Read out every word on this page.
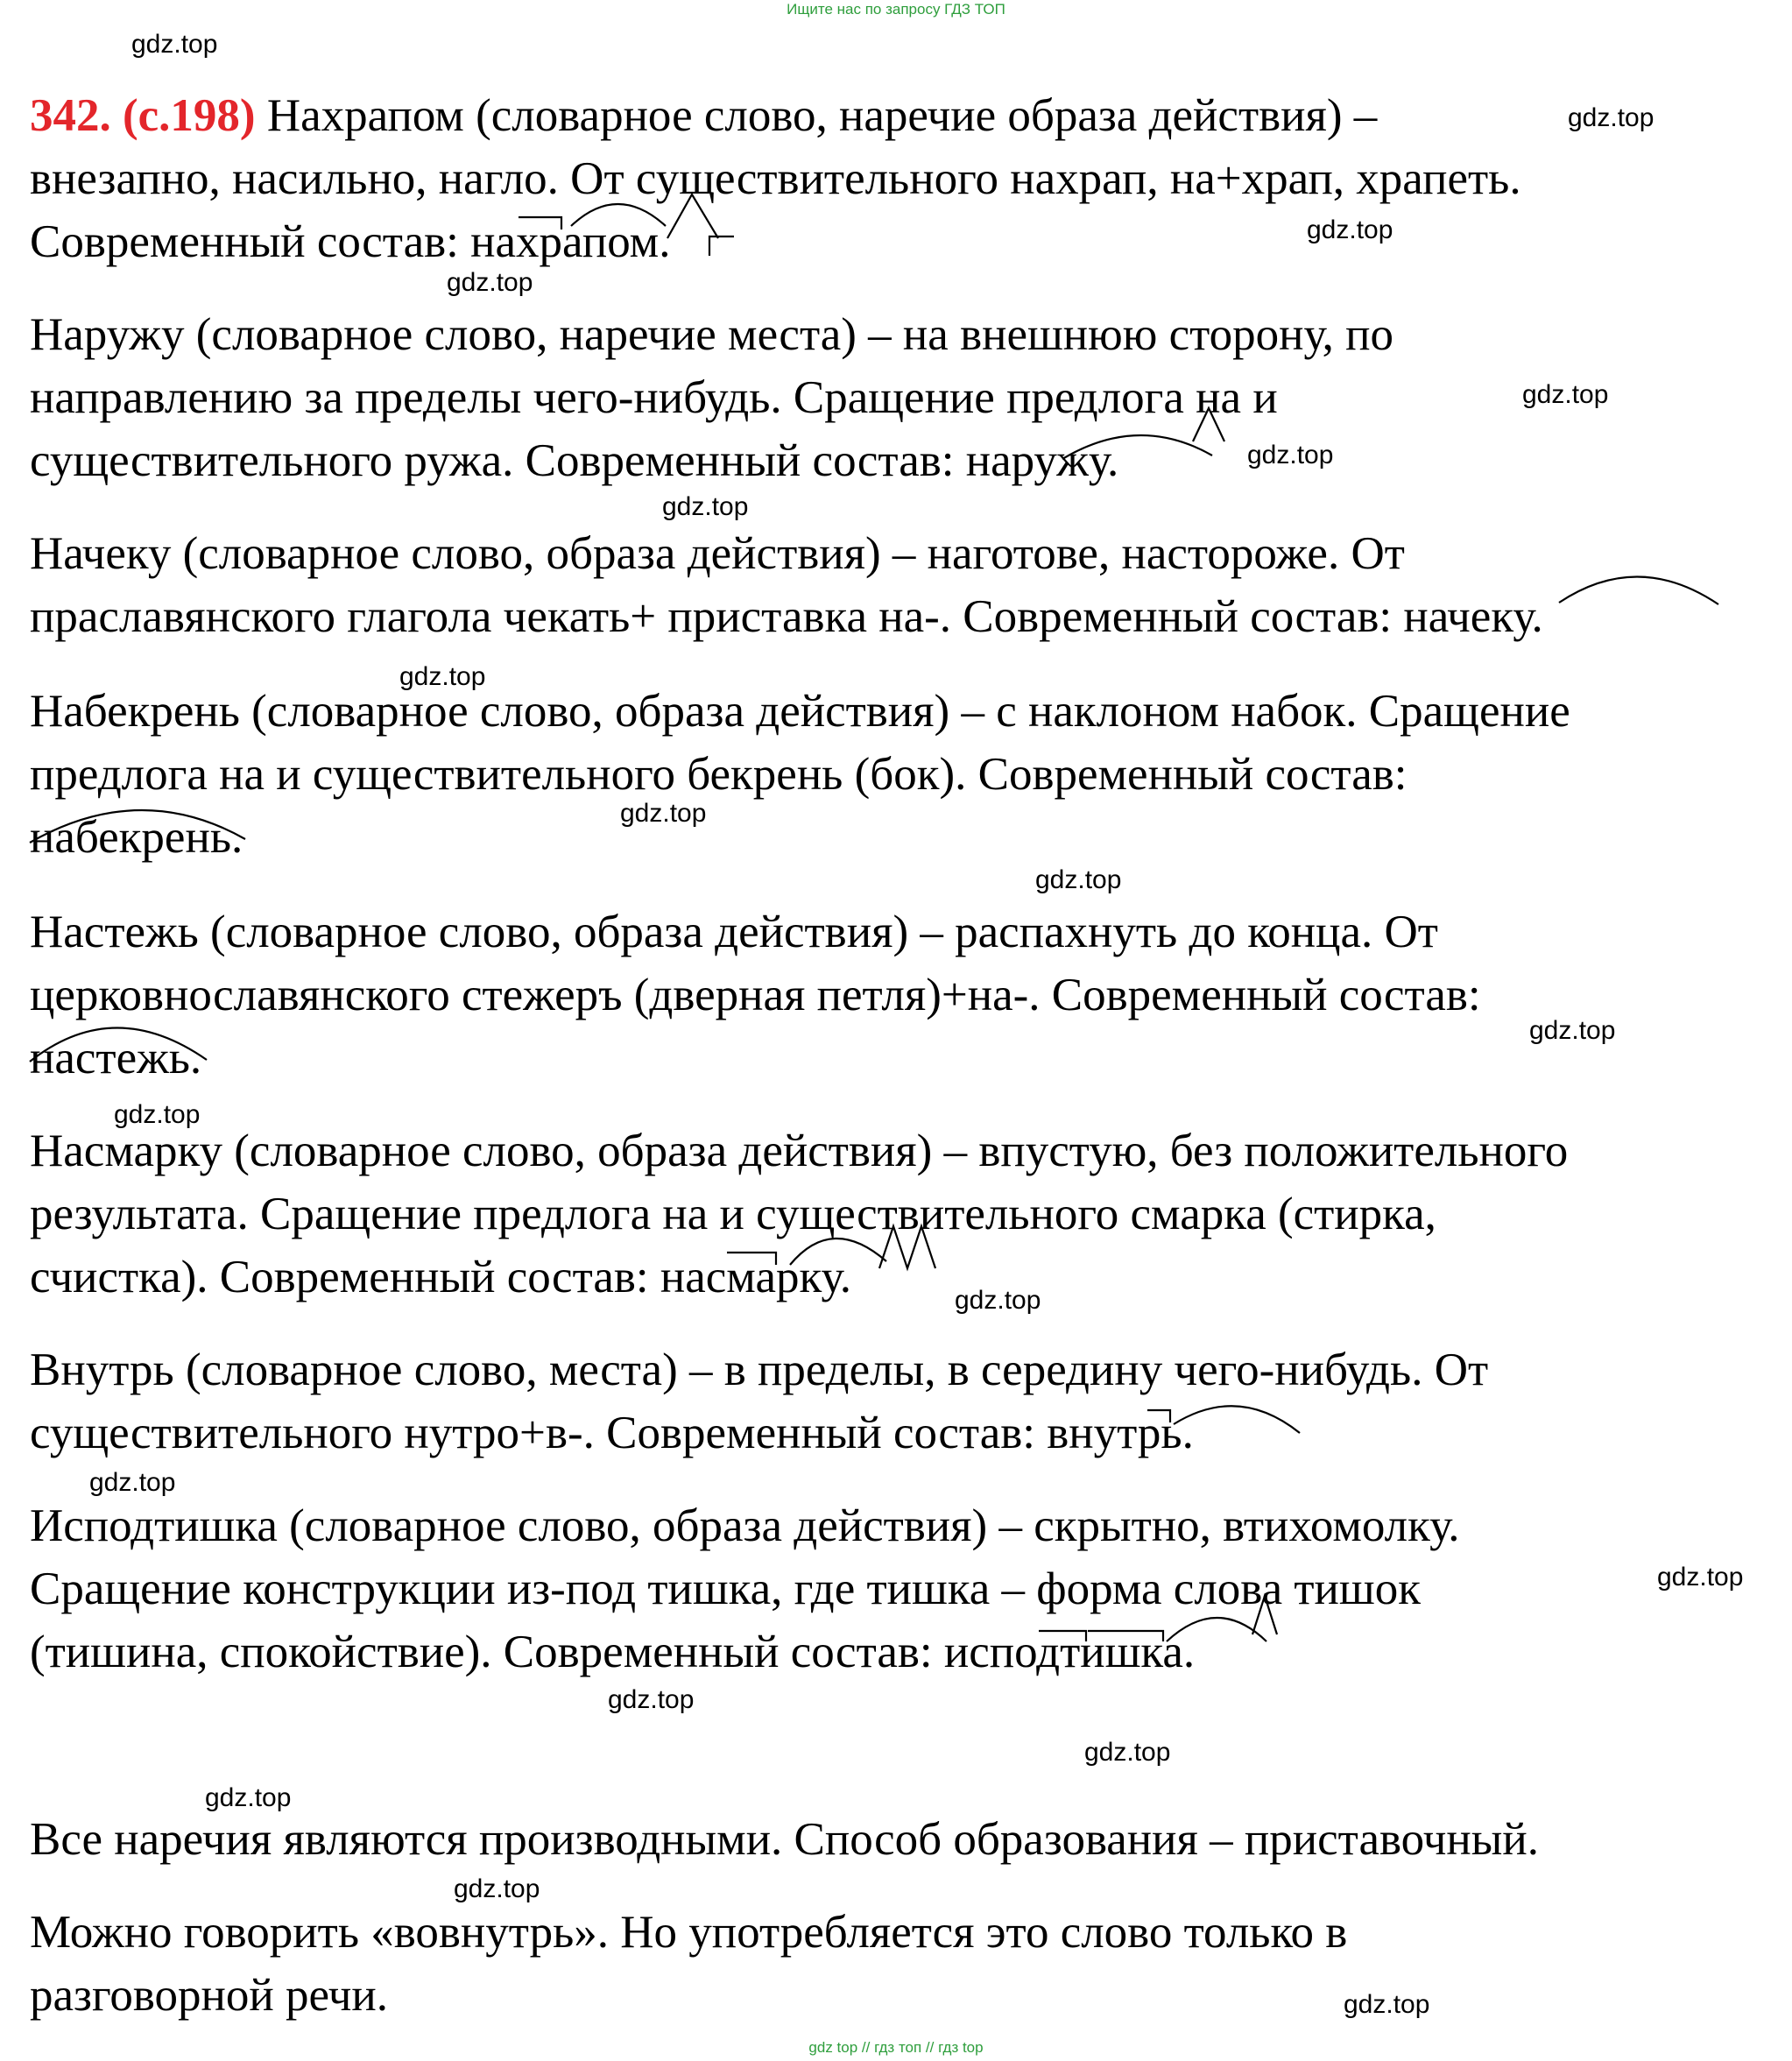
Ищите нас по запросу ГДЗ ТОП
gdz.top
gdz.top
gdz.top
gdz.top
gdz.top
gdz.top
gdz.top
gdz.top
gdz.top
gdz.top
gdz.top
gdz.top
gdz.top
gdz.top
gdz.top
gdz.top
gdz.top
gdz.top
gdz.top
gdz.top
342. (с.198) Нахрапом (словарное слово, наречие образа действия) –
внезапно, насильно, нагло. От существительного нахрап, на+храп, храпеть.
Современный состав: нахрапом.
Наружу (словарное слово, наречие места) – на внешнюю сторону, по
направлению за пределы чего-нибудь. Сращение предлога на и
существительного ружа. Современный состав: наружу.
Начеку (словарное слово, образа действия) – наготове, настороже. От
праславянского глагола чекать+ приставка на-. Современный состав: начеку.
Набекрень (словарное слово, образа действия) – с наклоном набок. Сращение
предлога на и существительного бекрень (бок). Современный состав:
набекрень.
Настежь (словарное слово, образа действия) – распахнуть до конца. От
церковнославянского стежеръ (дверная петля)+на-. Современный состав:
настежь.
Насмарку (словарное слово, образа действия) – впустую, без положительного
результата. Сращение предлога на и существительного смарка (стирка,
счистка). Современный состав: насмарку.
Внутрь (словарное слово, места) – в пределы, в середину чего-нибудь. От
существительного нутро+в-. Современный состав: внутрь.
Исподтишка (словарное слово, образа действия) – скрытно, втихомолку.
Сращение конструкции из-под тишка, где тишка – форма слова тишок
(тишина, спокойствие). Современный состав: исподтишка.
Все наречия являются производными. Способ образования – приставочный.
Можно говорить «вовнутрь». Но употребляется это слово только в
разговорной речи.
gdz top // гдз топ // гдз top
